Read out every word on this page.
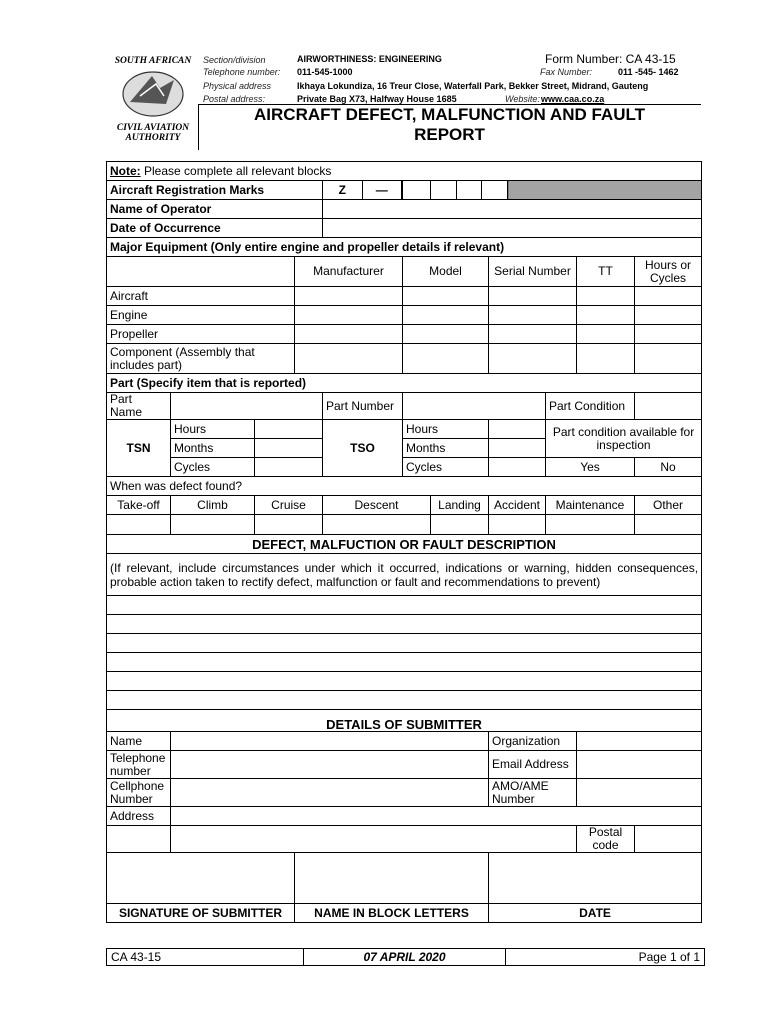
SOUTH AFRICAN
CIVIL AVIATION
AUTHORITY
Section/division	AIRWORTHINESS: ENGINEERING	Form Number: CA 43-15
Telephone number: 011-545-1000	Fax Number:	011 -545- 1462
Physical address	Ikhaya Lokundiza, 16 Treur Close, Waterfall Park, Bekker Street, Midrand, Gauteng
Postal address:	Private Bag X73, Halfway House 1685	Website: www.caa.co.za
AIRCRAFT DEFECT, MALFUNCTION AND FAULT
REPORT
Note: Please complete all relevant blocks											
Aircraft Registration Marks				Z —							

Name of Operator											
Date of Occurrence											
Major Equipment (Only entire engine and propeller details if relevant)											
			Manufacturer		Model		Serial Number			TT	Hours or Cycles
Aircraft											
Engine											
Propeller											
Component (Assembly that includes part)											
Part (Specify item that is reported)											
Part Name				Part Number					Part Condition		
TSN	Hours			TSO	Hours				Part condition available for inspection		
	Months				Months						
	Cycles				Cycles				Yes		No
When was defect found?											
Take-off	Climb	Cruise		Descent		Landing	Accident		Maintenance		Other

DEFECT, MALFUCTION OR FAULT DESCRIPTION											
(If relevant, include circumstances under which it occurred, indications or warning, hidden consequences, probable action taken to rectify defect, malfunction or fault and recommendations to prevent)											

DETAILS OF SUBMITTER											
Name							Organization				
Telephone number							Email Address				
Cellphone Number							AMO/AME Number				
Address											
										Postal code	

SIGNATURE OF SUBMITTER			NAME IN BLOCK LETTERS				DATE				
CA 43-15	07 APRIL 2020	Page 1 of 1
